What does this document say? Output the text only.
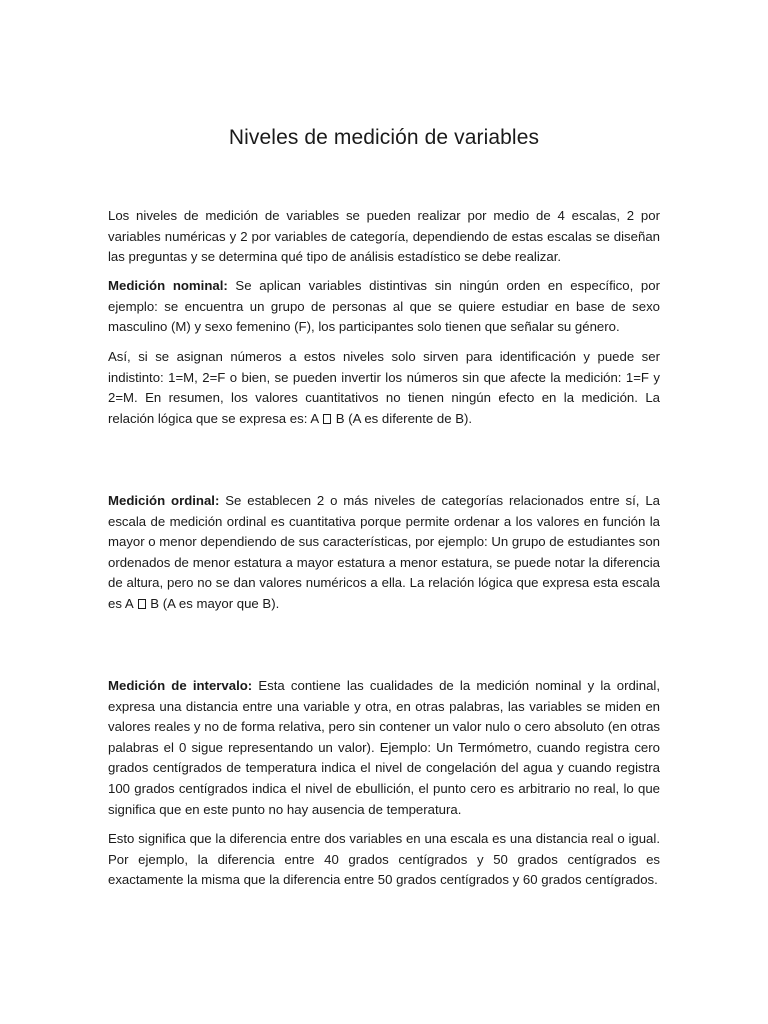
Niveles de medición de variables

Los niveles de medición de variables se pueden realizar por medio de 4 escalas, 2 por variables numéricas y 2 por variables de categoría, dependiendo de estas escalas se diseñan las preguntas y se determina qué tipo de análisis estadístico se debe realizar.

Medición nominal: Se aplican variables distintivas sin ningún orden en específico, por ejemplo: se encuentra un grupo de personas al que se quiere estudiar en base de sexo masculino (M) y sexo femenino (F), los participantes solo tienen que señalar su género.

Así, si se asignan números a estos niveles solo sirven para identificación y puede ser indistinto: 1=M, 2=F o bien, se pueden invertir los números sin que afecte la medición: 1=F y 2=M. En resumen, los valores cuantitativos no tienen ningún efecto en la medición. La relación lógica que se expresa es: A B (A es diferente de B).

Medición ordinal: Se establecen 2 o más niveles de categorías relacionados entre sí, La escala de medición ordinal es cuantitativa porque permite ordenar a los valores en función la mayor o menor dependiendo de sus características, por ejemplo: Un grupo de estudiantes son ordenados de menor estatura a mayor estatura a menor estatura, se puede notar la diferencia de altura, pero no se dan valores numéricos a ella. La relación lógica que expresa esta escala es A B (A es mayor que B).

Medición de intervalo: Esta contiene las cualidades de la medición nominal y la ordinal, expresa una distancia entre una variable y otra, en otras palabras, las variables se miden en valores reales y no de forma relativa, pero sin contener un valor nulo o cero absoluto (en otras palabras el 0 sigue representando un valor). Ejemplo: Un Termómetro, cuando registra cero grados centígrados de temperatura indica el nivel de congelación del agua y cuando registra 100 grados centígrados indica el nivel de ebullición, el punto cero es arbitrario no real, lo que significa que en este punto no hay ausencia de temperatura.

Esto significa que la diferencia entre dos variables en una escala es una distancia real o igual. Por ejemplo, la diferencia entre 40 grados centígrados y 50 grados centígrados es exactamente la misma que la diferencia entre 50 grados centígrados y 60 grados centígrados.
